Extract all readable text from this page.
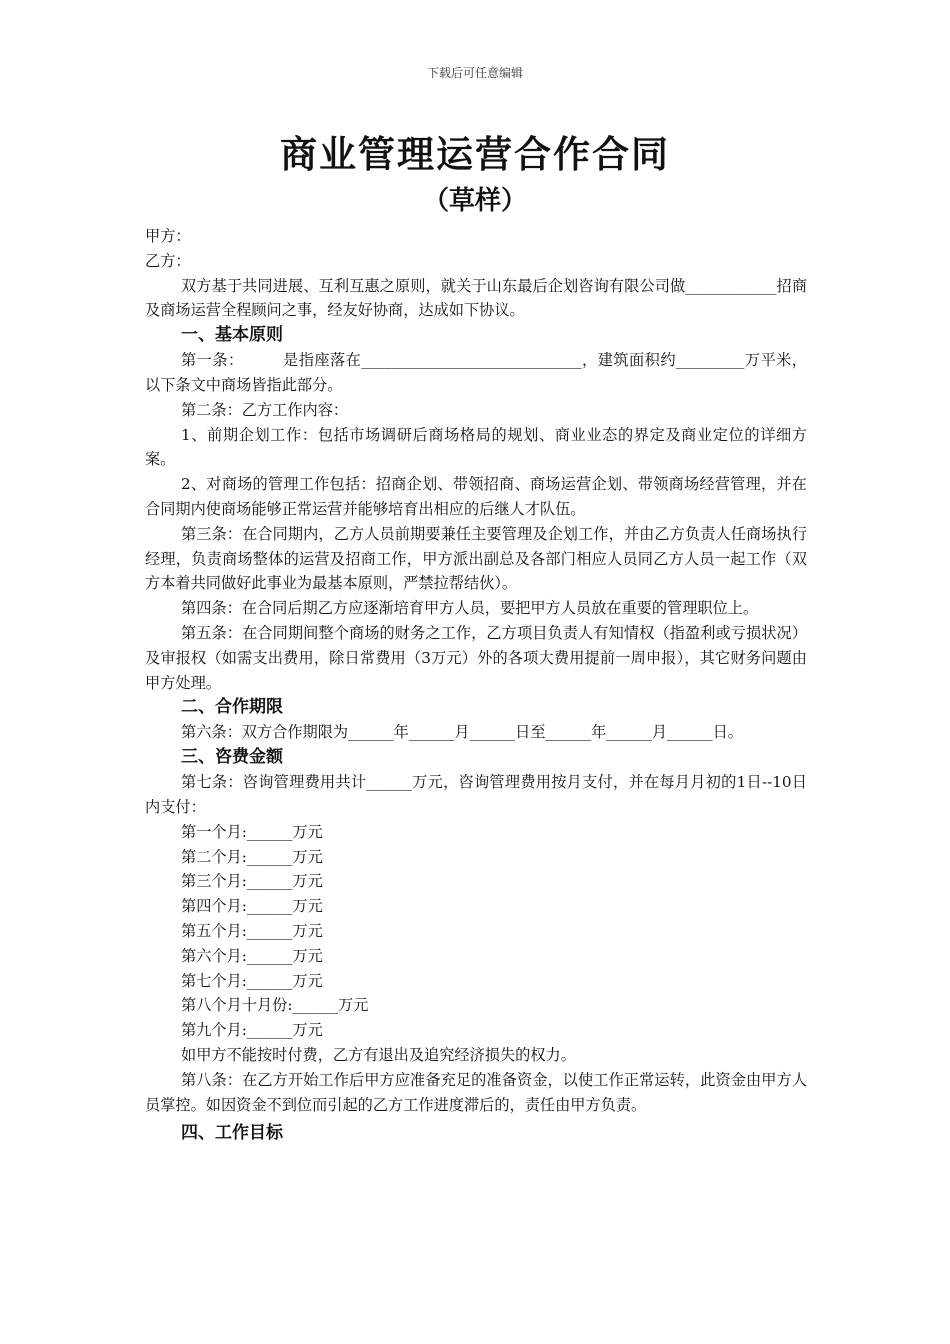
下载后可任意编辑
商业管理运营合作合同
（草样）

甲方：

乙方：

双方基于共同进展、互利互惠之原则，就关于山东最后企划咨询有限公司做____________招商及商场运营全程顾问之事，经友好协商，达成如下协议。

一、基本原则

第一条：　　　是指座落在_____________________________，建筑面积约_________万平米，以下条文中商场皆指此部分。

第二条：乙方工作内容：

1、前期企划工作：包括市场调研后商场格局的规划、商业业态的界定及商业定位的详细方案。

2、对商场的管理工作包括：招商企划、带领招商、商场运营企划、带领商场经营管理，并在合同期内使商场能够正常运营并能够培育出相应的后继人才队伍。

第三条：在合同期内，乙方人员前期要兼任主要管理及企划工作，并由乙方负责人任商场执行经理，负责商场整体的运营及招商工作，甲方派出副总及各部门相应人员同乙方人员一起工作（双方本着共同做好此事业为最基本原则，严禁拉帮结伙）。

第四条：在合同后期乙方应逐渐培育甲方人员，要把甲方人员放在重要的管理职位上。

第五条：在合同期间整个商场的财务之工作，乙方项目负责人有知情权（指盈利或亏损状况）及审报权（如需支出费用，除日常费用（3万元）外的各项大费用提前一周申报），其它财务问题由甲方处理。

二、合作期限

第六条：双方合作期限为______年______月______日至______年______月______日。

三、咨费金额

第七条：咨询管理费用共计______万元，咨询管理费用按月支付，并在每月月初的1日--10日内支付：

第一个月:______万元

第二个月:______万元

第三个月:______万元

第四个月:______万元

第五个月:______万元

第六个月:______万元

第七个月:______万元

第八个月十月份:______万元

第九个月:______万元

如甲方不能按时付费，乙方有退出及追究经济损失的权力。

第八条：在乙方开始工作后甲方应准备充足的准备资金，以使工作正常运转，此资金由甲方人员掌控。如因资金不到位而引起的乙方工作进度滞后的，责任由甲方负责。

四、工作目标
